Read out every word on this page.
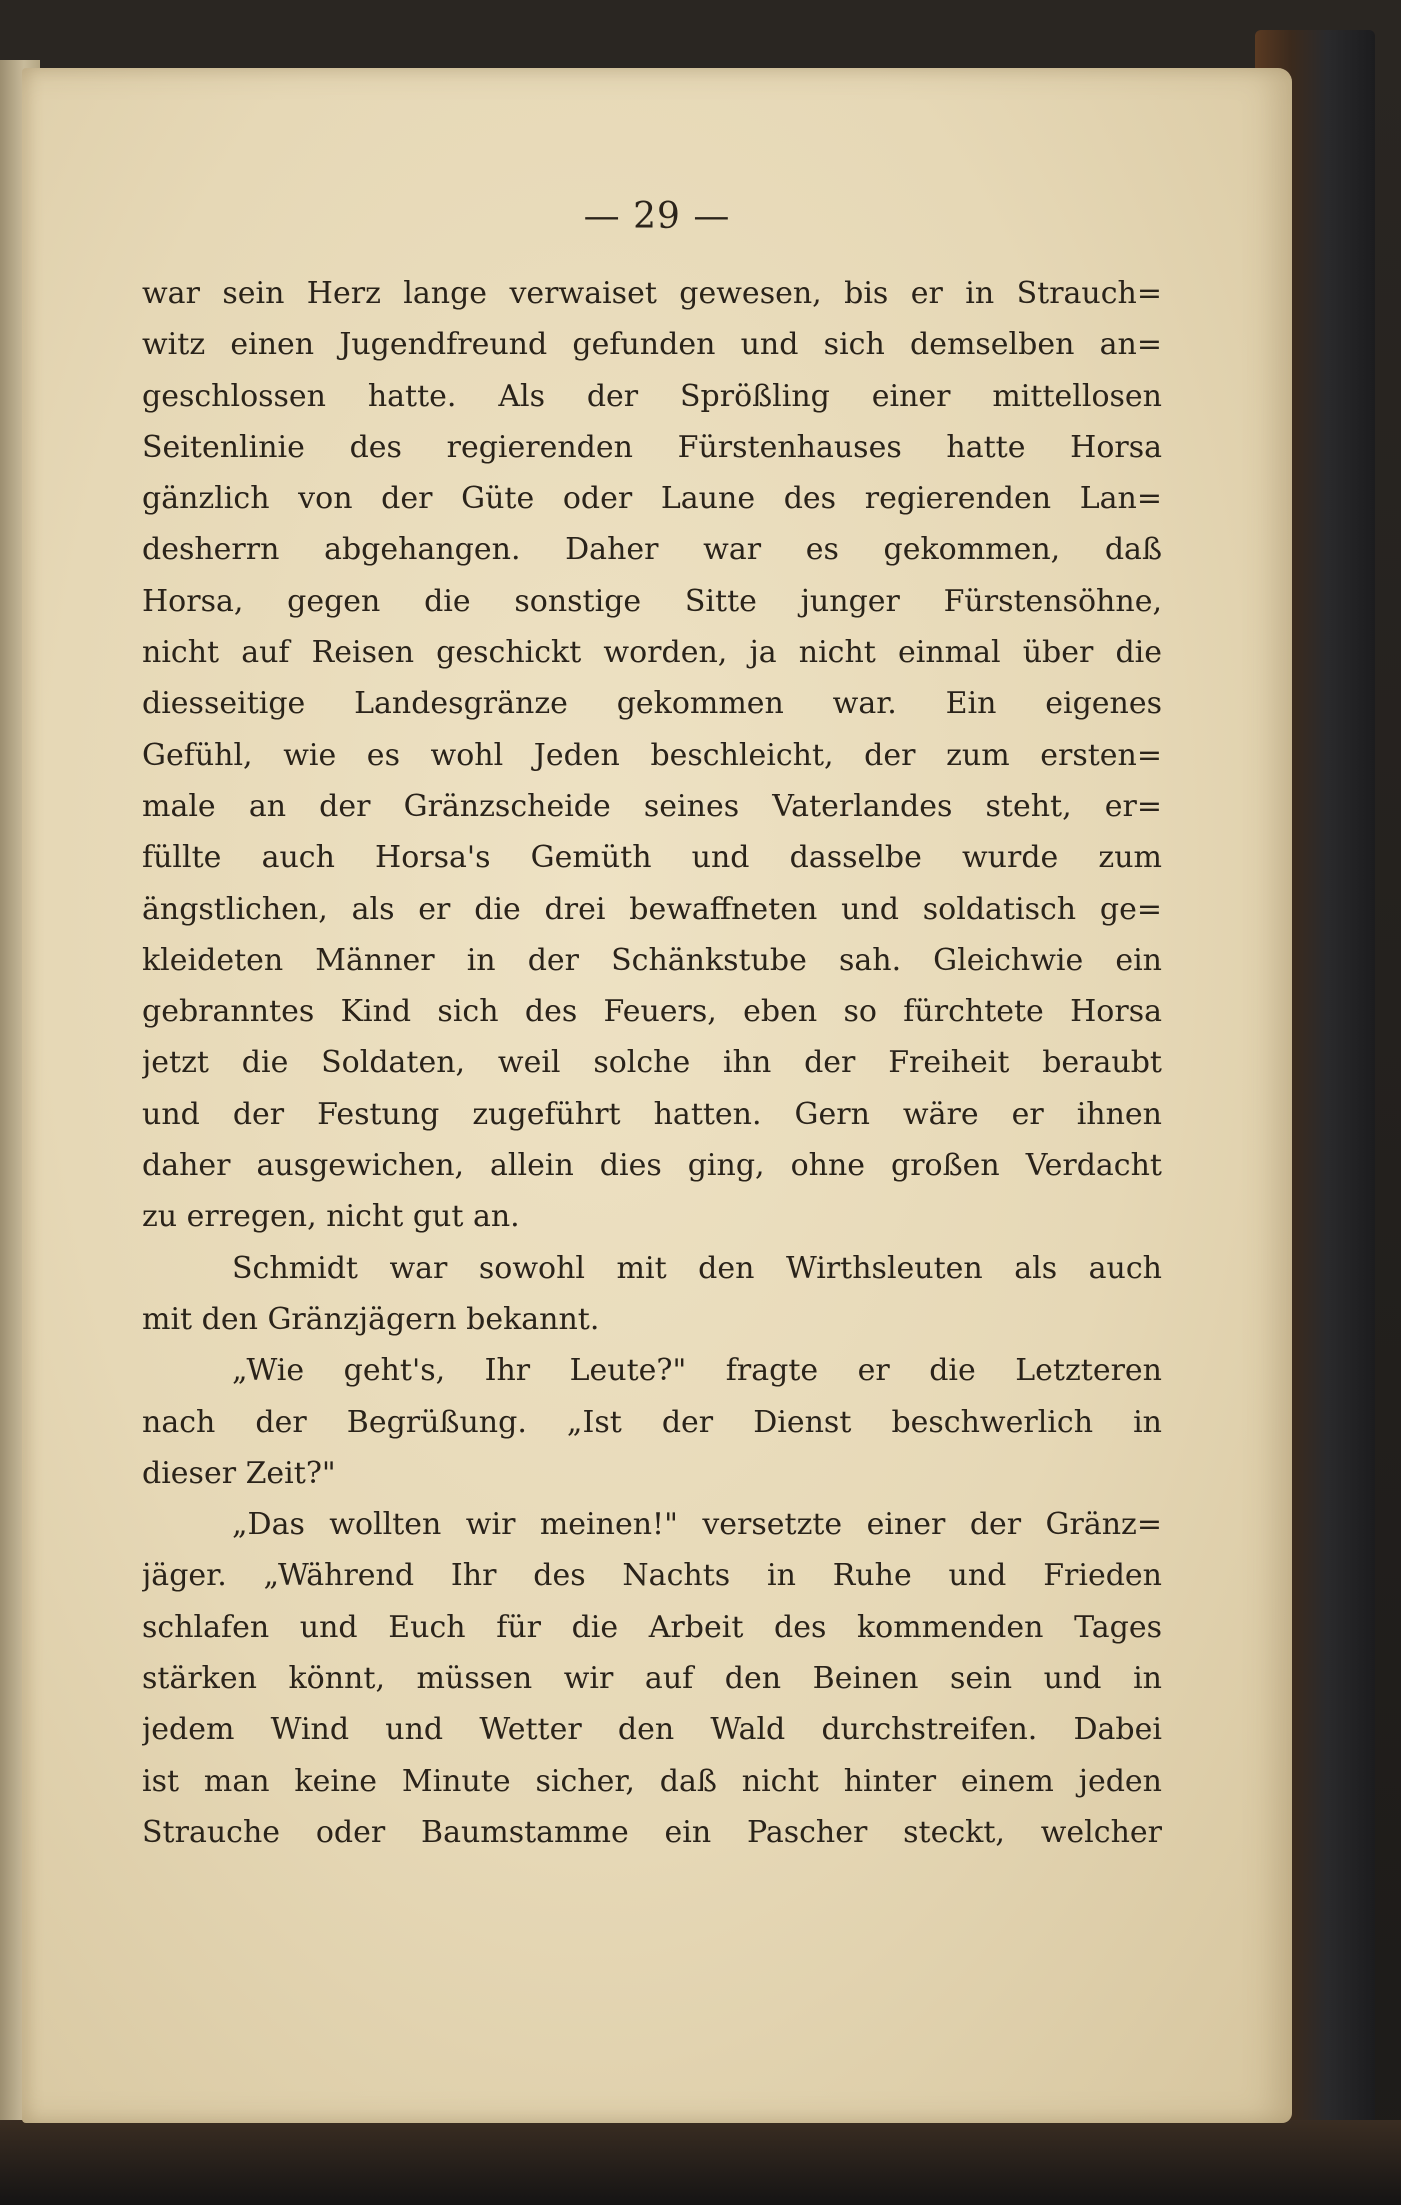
— 29 —
war sein Herz lange verwaiset gewesen, bis er in Strauch=
witz einen Jugendfreund gefunden und sich demselben an=
geschlossen hatte. Als der Sprößling einer mittellosen
Seitenlinie des regierenden Fürstenhauses hatte Horsa
gänzlich von der Güte oder Laune des regierenden Lan=
desherrn abgehangen. Daher war es gekommen, daß
Horsa, gegen die sonstige Sitte junger Fürstensöhne,
nicht auf Reisen geschickt worden, ja nicht einmal über die
diesseitige Landesgränze gekommen war. Ein eigenes
Gefühl, wie es wohl Jeden beschleicht, der zum ersten=
male an der Gränzscheide seines Vaterlandes steht, er=
füllte auch Horsa's Gemüth und dasselbe wurde zum
ängstlichen, als er die drei bewaffneten und soldatisch ge=
kleideten Männer in der Schänkstube sah. Gleichwie ein
gebranntes Kind sich des Feuers, eben so fürchtete Horsa
jetzt die Soldaten, weil solche ihn der Freiheit beraubt
und der Festung zugeführt hatten. Gern wäre er ihnen
daher ausgewichen, allein dies ging, ohne großen Verdacht
zu erregen, nicht gut an.
Schmidt war sowohl mit den Wirthsleuten als auch
mit den Gränzjägern bekannt.
„Wie geht's, Ihr Leute?" fragte er die Letzteren
nach der Begrüßung. „Ist der Dienst beschwerlich in
dieser Zeit?"
„Das wollten wir meinen!" versetzte einer der Gränz=
jäger. „Während Ihr des Nachts in Ruhe und Frieden
schlafen und Euch für die Arbeit des kommenden Tages
stärken könnt, müssen wir auf den Beinen sein und in
jedem Wind und Wetter den Wald durchstreifen. Dabei
ist man keine Minute sicher, daß nicht hinter einem jeden
Strauche oder Baumstamme ein Pascher steckt, welcher
